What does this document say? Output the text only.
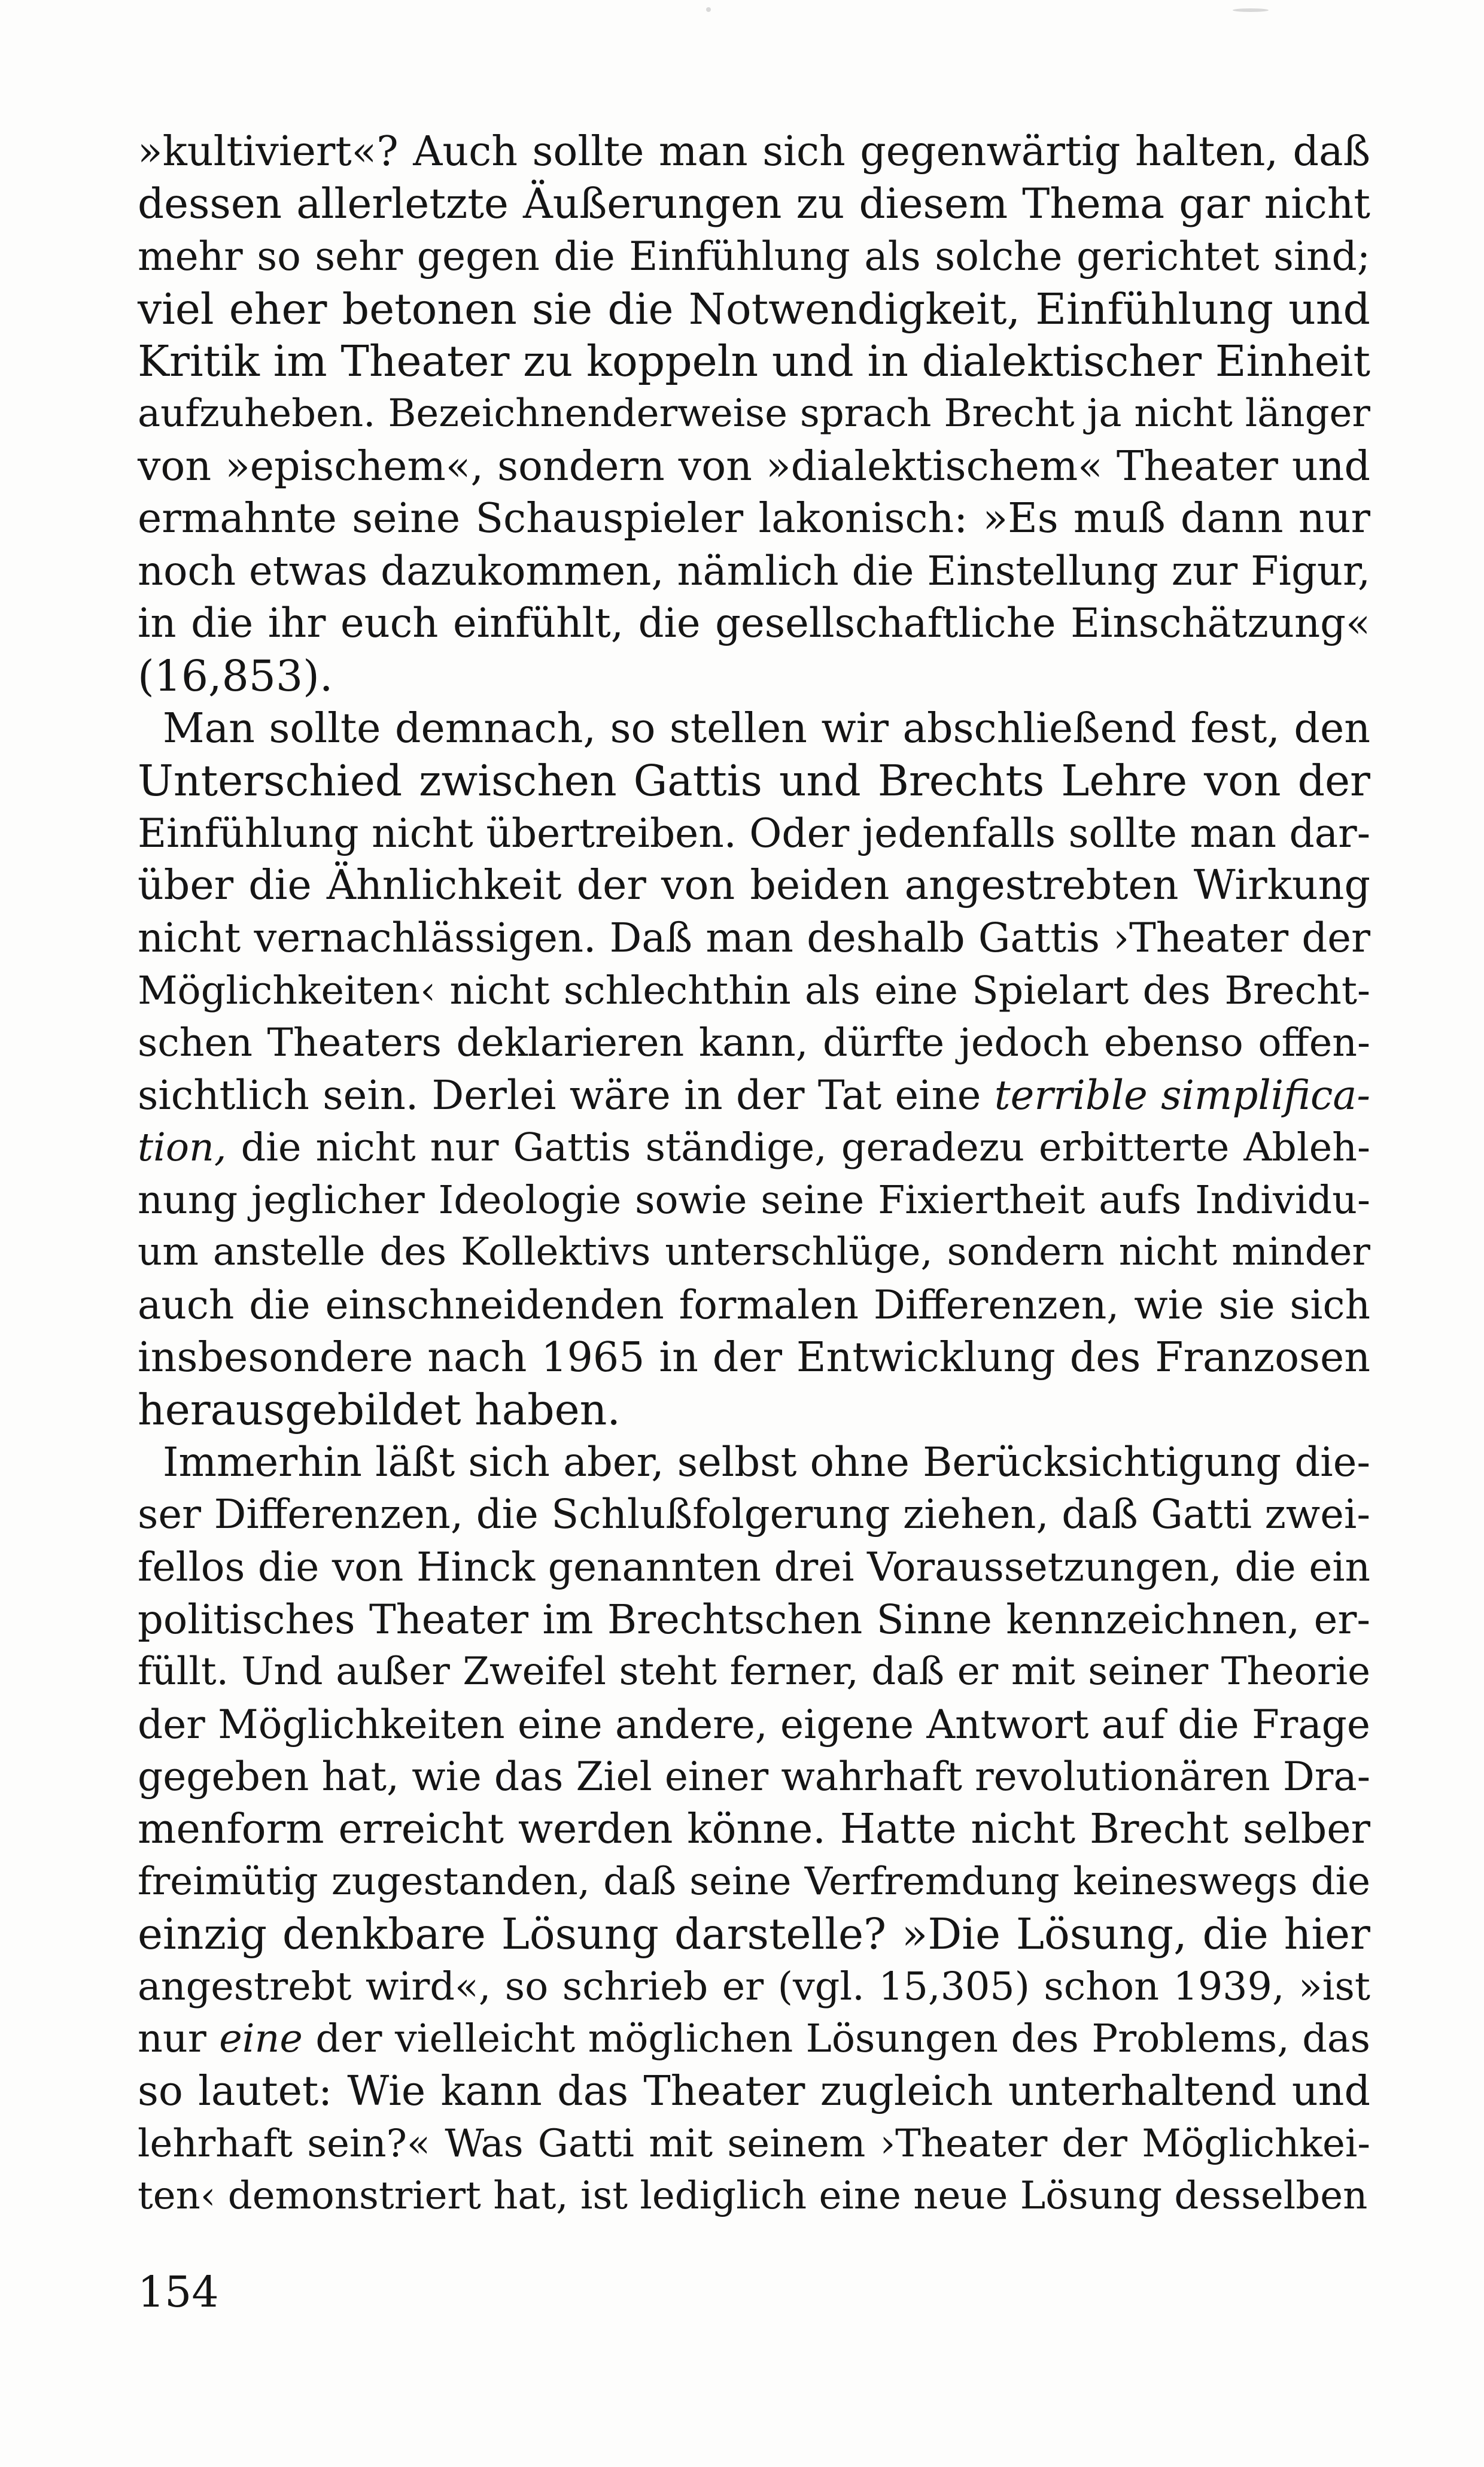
»kultiviert«? Auch sollte man sich gegenwärtig halten, daß
dessen allerletzte Äußerungen zu diesem Thema gar nicht
mehr so sehr gegen die Einfühlung als solche gerichtet sind;
viel eher betonen sie die Notwendigkeit, Einfühlung und
Kritik im Theater zu koppeln und in dialektischer Einheit
aufzuheben. Bezeichnenderweise sprach Brecht ja nicht länger
von »epischem«, sondern von »dialektischem« Theater und
ermahnte seine Schauspieler lakonisch: »Es muß dann nur
noch etwas dazukommen, nämlich die Einstellung zur Figur,
in die ihr euch einfühlt, die gesellschaftliche Einschätzung«
(16,853).
Man sollte demnach, so stellen wir abschließend fest, den
Unterschied zwischen Gattis und Brechts Lehre von der
Einfühlung nicht übertreiben. Oder jedenfalls sollte man dar-
über die Ähnlichkeit der von beiden angestrebten Wirkung
nicht vernachlässigen. Daß man deshalb Gattis ›Theater der
Möglichkeiten‹ nicht schlechthin als eine Spielart des Brecht-
schen Theaters deklarieren kann, dürfte jedoch ebenso offen-
sichtlich sein. Derlei wäre in der Tat eine terrible simplifica-
tion, die nicht nur Gattis ständige, geradezu erbitterte Ableh-
nung jeglicher Ideologie sowie seine Fixiertheit aufs Individu-
um anstelle des Kollektivs unterschlüge, sondern nicht minder
auch die einschneidenden formalen Differenzen, wie sie sich
insbesondere nach 1965 in der Entwicklung des Franzosen
herausgebildet haben.
Immerhin läßt sich aber, selbst ohne Berücksichtigung die-
ser Differenzen, die Schlußfolgerung ziehen, daß Gatti zwei-
fellos die von Hinck genannten drei Voraussetzungen, die ein
politisches Theater im Brechtschen Sinne kennzeichnen, er-
füllt. Und außer Zweifel steht ferner, daß er mit seiner Theorie
der Möglichkeiten eine andere, eigene Antwort auf die Frage
gegeben hat, wie das Ziel einer wahrhaft revolutionären Dra-
menform erreicht werden könne. Hatte nicht Brecht selber
freimütig zugestanden, daß seine Verfremdung keineswegs die
einzig denkbare Lösung darstelle? »Die Lösung, die hier
angestrebt wird«, so schrieb er (vgl. 15,305) schon 1939, »ist
nur eine der vielleicht möglichen Lösungen des Problems, das
so lautet: Wie kann das Theater zugleich unterhaltend und
lehrhaft sein?« Was Gatti mit seinem ›Theater der Möglichkei-
ten‹ demonstriert hat, ist lediglich eine neue Lösung desselben
154
